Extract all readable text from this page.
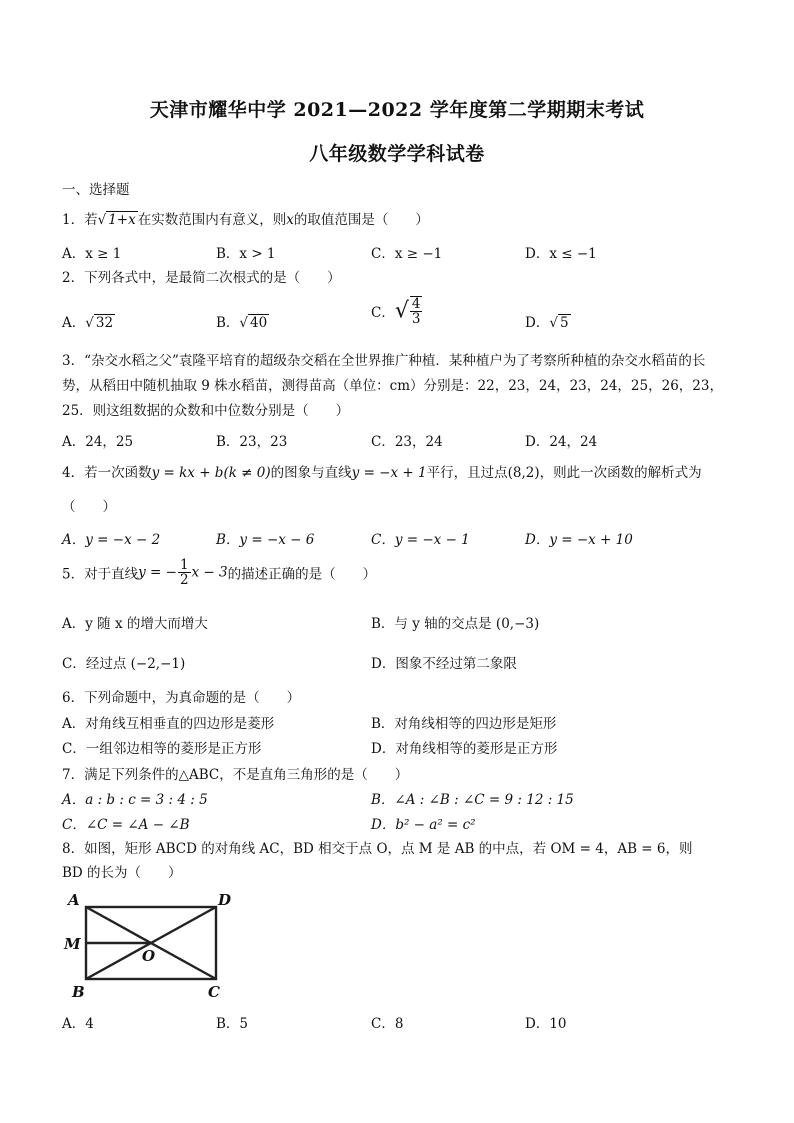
天津市耀华中学 2021—2022 学年度第二学期期末考试
八年级数学学科试卷
一、选择题
1．若√ 1+x 在实数范围内有意义，则x的取值范围是（　　）
A．x ≥ 1	B．x > 1	C．x ≥ −1	D．x ≤ −1
2．下列各式中，是最简二次根式的是（　　）
A．√ 32	B．√ 40
C．√ $\frac{4}{3}$	D．√ 5
3．“杂交水稻之父”袁隆平培育的超级杂交稻在全世界推广种植．某种植户为了考察所种植的杂交水稻苗的长势，从稻田中随机抽取 9 株水稻苗，测得苗高（单位：cm）分别是：22，23，24，23，24，25，26，23，25．则这组数据的众数和中位数分别是（　　）
A．24，25	B．23，23	C．23，24	D．24，24
4．若一次函数y = kx + b(k ≠ 0)的图象与直线y = −x + 1平行，且过点(8,2)，则此一次函数的解析式为
（　　）
A．y = −x − 2	B．y = −x − 6	C．y = −x − 1	D．y = −x + 10
5．对于直线y = − $\frac{1}{2}$ x − 3的描述正确的是（　　）
A．y 随 x 的增大而增大	B．与 y 轴的交点是 (0,−3)
C．经过点 (−2,−1)	D．图象不经过第二象限
6．下列命题中，为真命题的是（　　）
A．对角线互相垂直的四边形是菱形	B．对角线相等的四边形是矩形
C．一组邻边相等的菱形是正方形	D．对角线相等的菱形是正方形
7．满足下列条件的△ABC，不是直角三角形的是（　　）
A．a : b : c = 3 : 4 : 5	B．∠A : ∠B : ∠C = 9 : 12 : 15
C．∠C = ∠A − ∠B	D．b² − a² = c²
8．如图，矩形 ABCD 的对角线 AC，BD 相交于点 O，点 M 是 AB 的中点，若 OM = 4，AB = 6，则
BD 的长为（　　）
A	D
M
O
B	C
A．4	B．5	C．8	D．10
